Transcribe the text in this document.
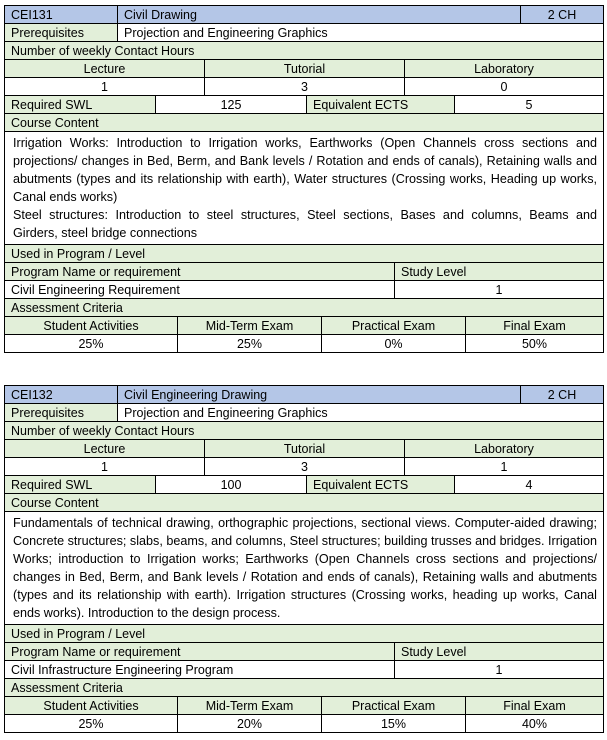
CEI131	Civil Drawing	2 CH
Prerequisites	Projection and Engineering Graphics
Number of weekly Contact Hours
Lecture	Tutorial	Laboratory
1	3	0
Required SWL	125	Equivalent ECTS	5
Course Content

Irrigation Works: Introduction to Irrigation works, Earthworks (Open Channels cross sections and projections/ changes in Bed, Berm, and Bank levels / Rotation and ends of canals), Retaining walls and abutments (types and its relationship with earth), Water structures (Crossing works, Heading up works, Canal ends works)

Steel structures: Introduction to steel structures, Steel sections, Bases and columns, Beams and Girders, steel bridge connections

Used in Program / Level
Program Name or requirement	Study Level
Civil Engineering Requirement	1
Assessment Criteria
Student Activities	Mid-Term Exam	Practical Exam	Final Exam
25%	25%	0%	50%
CEI132	Civil Engineering Drawing	2 CH
Prerequisites	Projection and Engineering Graphics
Number of weekly Contact Hours
Lecture	Tutorial	Laboratory
1	3	1
Required SWL	100	Equivalent ECTS	4
Course Content

Fundamentals of technical drawing, orthographic projections, sectional views. Computer-aided drawing; Concrete structures; slabs, beams, and columns, Steel structures; building trusses and bridges. Irrigation Works; introduction to Irrigation works; Earthworks (Open Channels cross sections and projections/ changes in Bed, Berm, and Bank levels / Rotation and ends of canals), Retaining walls and abutments (types and its relationship with earth). Irrigation structures (Crossing works, heading up works, Canal ends works). Introduction to the design process.

Used in Program / Level
Program Name or requirement	Study Level
Civil Infrastructure Engineering Program	1
Assessment Criteria
Student Activities	Mid-Term Exam	Practical Exam	Final Exam
25%	20%	15%	40%
